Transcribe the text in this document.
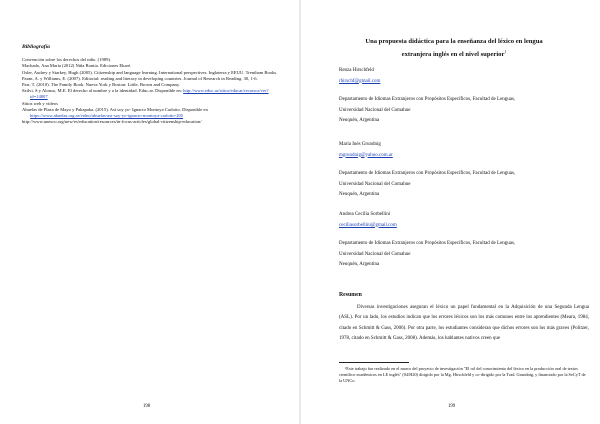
Bibliografía

Convención sobre los derechos del niño. (1989).

Machado, Ana María (2012) Niña Bonita. Ediciones Ekaré.

Osler, Audrey y Starkey, Hugh (2005). Citizenship and language learning. International perspectives. Inglaterra y EEUU. Trentham Books.

Paran, A. y Williams, E. (2007). Editorial: reading and literacy in developing countries. Journal of Research in Reading. 30, 1-6.

Parr, T. (2010). The Family Book. Nueva York y Boston: Little, Brown and Company.

Szilvi, S y Alonso, M.E. El derecho al nombre y a la identidad. Educ.ar. Disponible en: http://www.educ.ar/sitios/educar/recursos/ver?id=14807

Sitios web y videos

Abuelas de Plaza de Mayo y Pakapaka. (2015). Así soy yo- Ignacio Montoya Carlotto. Disponible en https://www.abuelas.org.ar/video/abuelas-asi-soy-yo-ignacio-montoya-carlotto-205

http://www.unesco.org/new/es/education/resources/in-focus-articles/global-citizenship-education/

198
Una propuesta didáctica para la enseñanza del léxico en lengua
extranjera inglés en el nivel superior$^1$

Renza Hirschfeld

rhirschf@gmail.com

Departamento de Idiomas Extranjeros con Propósitos Específicos, Facultad de Lenguas,

Universidad Nacional del Comahue

Neuquén, Argentina

María Inés Grundnig

mgrundnig@yahoo.com.ar

Departamento de Idiomas Extranjeros con Propósitos Específicos, Facultad de Lenguas,

Universidad Nacional del Comahue

Neuquén, Argentina

Andrea Cecilia Sorbellini

ceciliasorbellini@gmail.com

Departamento de Idiomas Extranjeros con Propósitos Específicos, Facultad de Lenguas,

Universidad Nacional del Comahue

Neuquén, Argentina

Resumen

Diversas investigaciones aseguran el léxico un papel fundamental en la Adquisición de una Segunda Lengua (ASL). Por un lado, los estudios indican que los errores léxicos son los más comunes entre los aprendientes (Meara, 1984, citado en Schmitt & Gass, 2006). Por otra parte, los estudiantes consideran que dichos errores son los más graves (Politzer, 1978, citado en Schmitt & Gass, 2008). Además, los hablantes nativos creen que

¹Este trabajo fue realizado en el marco del proyecto de investigación "El rol del conocimiento del léxico en la producción oral de textos científico-académicos en LE inglés" (04/H20) dirigido por la Mg. Hirschfeld y co-dirigido por la Trad. Grundnig, y financiado por la SeCyT de la UNCo.

199
